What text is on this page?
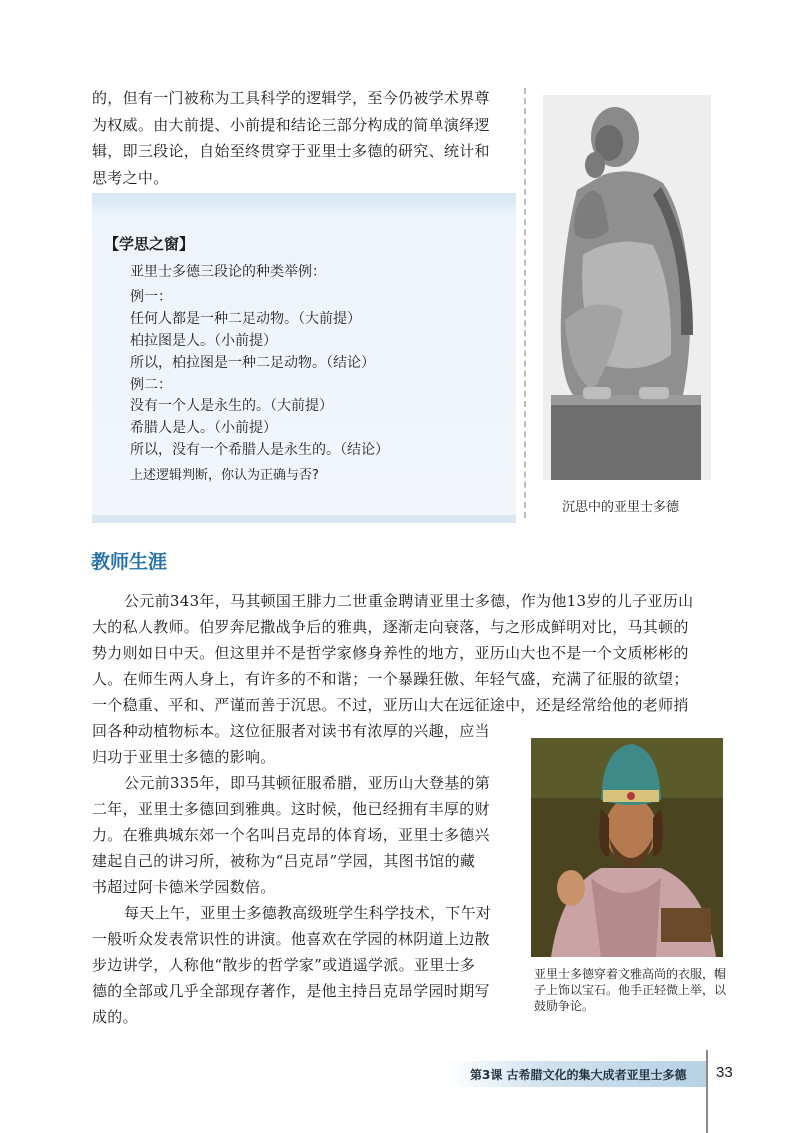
的，但有一门被称为工具科学的逻辑学，至今仍被学术界尊
为权威。由大前提、小前提和结论三部分构成的简单演绎逻
辑，即三段论，自始至终贯穿于亚里士多德的研究、统计和
思考之中。
【学思之窗】
亚里士多德三段论的种类举例：
例一：
任何人都是一种二足动物。（大前提）
柏拉图是人。（小前提）
所以，柏拉图是一种二足动物。（结论）
例二：
没有一个人是永生的。（大前提）
希腊人是人。（小前提）
所以，没有一个希腊人是永生的。（结论）
上述逻辑判断，你认为正确与否?
沉思中的亚里士多德
教师生涯
公元前343年，马其顿国王腓力二世重金聘请亚里士多德，作为他13岁的儿子亚历山
大的私人教师。伯罗奔尼撒战争后的雅典，逐渐走向衰落，与之形成鲜明对比，马其顿的
势力则如日中天。但这里并不是哲学家修身养性的地方，亚历山大也不是一个文质彬彬的
人。在师生两人身上，有许多的不和谐；一个暴躁狂傲、年轻气盛，充满了征服的欲望；
一个稳重、平和、严谨而善于沉思。不过，亚历山大在远征途中，还是经常给他的老师捎
回各种动植物标本。这位征服者对读书有浓厚的兴趣，应当
归功于亚里士多德的影响。
公元前335年，即马其顿征服希腊，亚历山大登基的第
二年，亚里士多德回到雅典。这时候，他已经拥有丰厚的财
力。在雅典城东郊一个名叫吕克昂的体育场，亚里士多德兴
建起自己的讲习所，被称为“吕克昂”学园，其图书馆的藏
书超过阿卡德米学园数倍。
每天上午，亚里士多德教高级班学生科学技术，下午对
一般听众发表常识性的讲演。他喜欢在学园的林阴道上边散
步边讲学，人称他“散步的哲学家”或逍遥学派。亚里士多
德的全部或几乎全部现存著作，是他主持吕克昂学园时期写
成的。
亚里士多德穿着文雅高尚的衣服，帽
子上饰以宝石。他手正轻微上举，以
鼓励争论。
第3课 古希腊文化的集大成者亚里士多德 33
